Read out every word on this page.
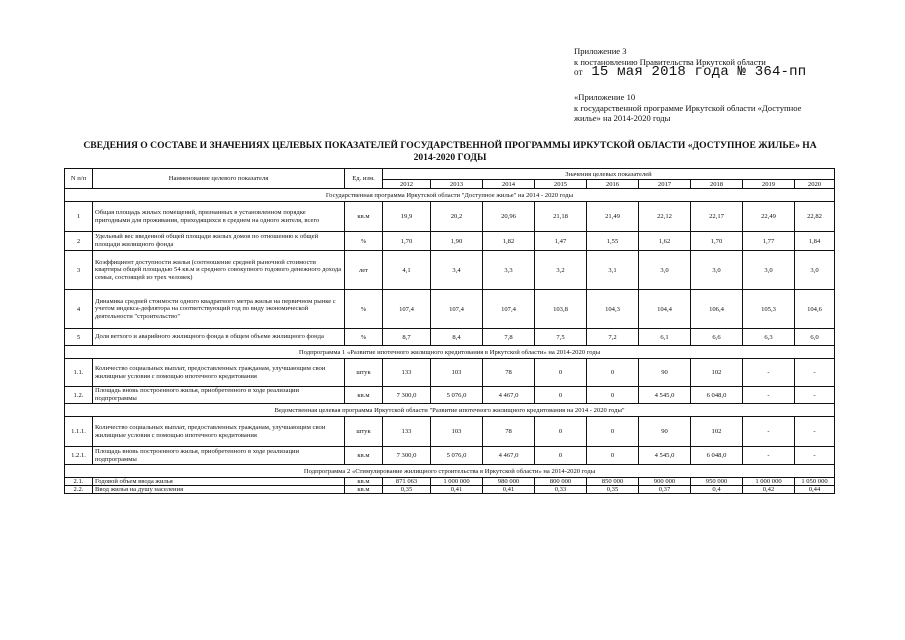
Приложение 3
к постановлению Правительства Иркутской области
от 15 мая 2018 года № 364-пп
«Приложение 10
к государственной программе Иркутской области «Доступное
жилье» на 2014-2020 годы
СВЕДЕНИЯ О СОСТАВЕ И ЗНАЧЕНИЯХ ЦЕЛЕВЫХ ПОКАЗАТЕЛЕЙ ГОСУДАРСТВЕННОЙ ПРОГРАММЫ ИРКУТСКОЙ ОБЛАСТИ «ДОСТУПНОЕ ЖИЛЬЕ» НА
2014-2020 ГОДЫ
N п/п	Наименование целевого показателя	Ед. изм.	Значения целевых показателей								
			2012	2013	2014	2015	2016	2017	2018	2019	2020
Государственная программа Иркутской области "Доступное жилье" на 2014 - 2020 годы											
1	Общая площадь жилых помещений, признанных в установленном порядке пригодными для проживания, приходящихся в среднем на одного жителя, всего	кв.м	19,9	20,2	20,96	21,18	21,49	22,12	22,17	22,49	22,82
2	Удельный вес введенной общей площади жилых домов по отношению к общей площади жилищного фонда	%	1,70	1,90	1,82	1,47	1,55	1,62	1,70	1,77	1,84
3	Коэффициент доступности жилья (соотношение средней рыночной стоимости квартиры общей площадью 54 кв.м и среднего совокупного годового денежного дохода семьи, состоящей из трех человек)	лет	4,1	3,4	3,3	3,2	3,1	3,0	3,0	3,0	3,0
4	Динамика средней стоимости одного квадратного метра жилья на первичном рынке с учетом индекса-дефлятора на соответствующий год по виду экономической деятельности "строительство"	%	107,4	107,4	107,4	103,8	104,3	104,4	106,4	105,3	104,6
5	Доля ветхого и аварийного жилищного фонда в общем объеме жилищного фонда	%	8,7	8,4	7,8	7,5	7,2	6,1	6,6	6,3	6,0
Подпрограмма 1 «Развитие ипотечного жилищного кредитования в Иркутской области» на 2014-2020 годы											
1.1.	Количество социальных выплат, предоставленных гражданам, улучшающим свои жилищные условия с помощью ипотечного кредитования	штук	133	103	78	0	0	90	102	-	-
1.2.	Площадь вновь построенного жилья, приобретенного в ходе реализации подпрограммы	кв.м	7 300,0	5 076,0	4 467,0	0	0	4 545,0	6 048,0	-	-
Ведомственная целевая программа Иркутской области "Развитие ипотечного жилищного кредитования на 2014 - 2020 годы"											
1.1.1.	Количество социальных выплат, предоставленных гражданам, улучшающим свои жилищные условия с помощью ипотечного кредитования	штук	133	103	78	0	0	90	102	-	-
1.2.1.	Площадь вновь построенного жилья, приобретенного в ходе реализации подпрограммы	кв.м	7 300,0	5 076,0	4 467,0	0	0	4 545,0	6 048,0	-	-
Подпрограмма 2 «Стимулирование жилищного строительства в Иркутской области» на 2014-2020 годы											
2.1.	Годовой объем ввода жилья	кв.м	871 063	1 000 000	980 000	800 000	850 000	900 000	950 000	1 000 000	1 050 000
2.2.	Ввод жилья на душу населения	кв.м	0,35	0,41	0,41	0,33	0,35	0,37	0,4	0,42	0,44
